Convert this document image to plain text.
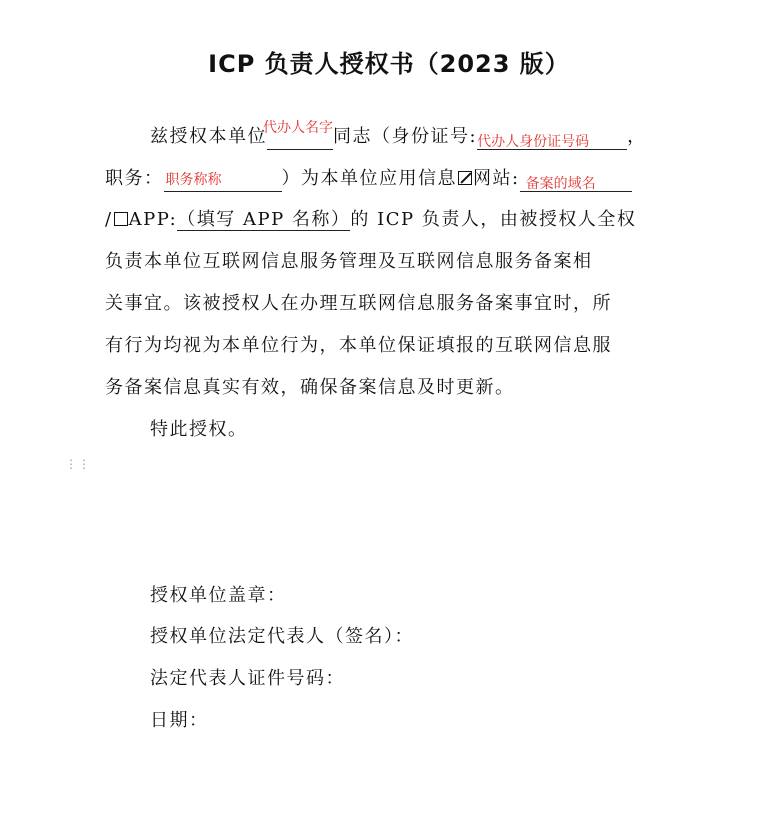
ICP 负责人授权书（2023 版）
兹授权本单位
代办人名字 同志（身份证号: 代办人身份证号码 ，
职务： 职务称称	）为本单位应用信息 网站: 备案的域名
/ APP:（填写 APP 名称）的 ICP 负责人，由被授权人全权
负责本单位互联网信息服务管理及互联网信息服务备案相
关事宜。该被授权人在办理互联网信息服务备案事宜时，所
有行为均视为本单位行为，本单位保证填报的互联网信息服
务备案信息真实有效，确保备案信息及时更新。
特此授权。
⋮⋮
授权单位盖章：
授权单位法定代表人（签名）：
法定代表人证件号码：
日期：
